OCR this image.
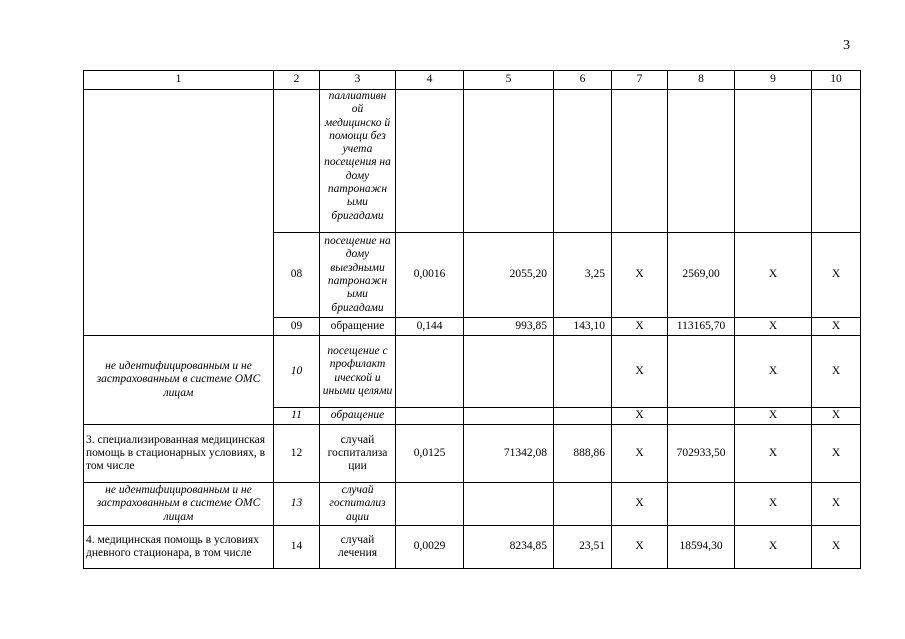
3
1	2	3	4	5	6	7	8	9	10
		паллиативн ой медицинско й помощи без учета посещения на дому патронажн ыми бригадами							
	08	посещение на дому выездными патронажн ыми бригадами	0,0016	2055,20	3,25	Х	2569,00	Х	Х
	09	обращение	0,144	993,85	143,10	Х	113165,70	Х	Х
не идентифицированным и не застрахованным в системе ОМС лицам	10	посещение с профилакт ической и иными целями				Х		Х	Х
	11	обращение				Х		Х	Х
3. специализированная медицинская помощь в стационарных условиях, в том числе	12	случай госпитализа ции	0,0125	71342,08	888,86	Х	702933,50	Х	Х
не идентифицированным и не застрахованным в системе ОМС лицам	13	случай госпитализ ации				Х		Х	Х
4. медицинская помощь в условиях дневного стационара, в том числе	14	случай лечения	0,0029	8234,85	23,51	Х	18594,30	Х	Х
